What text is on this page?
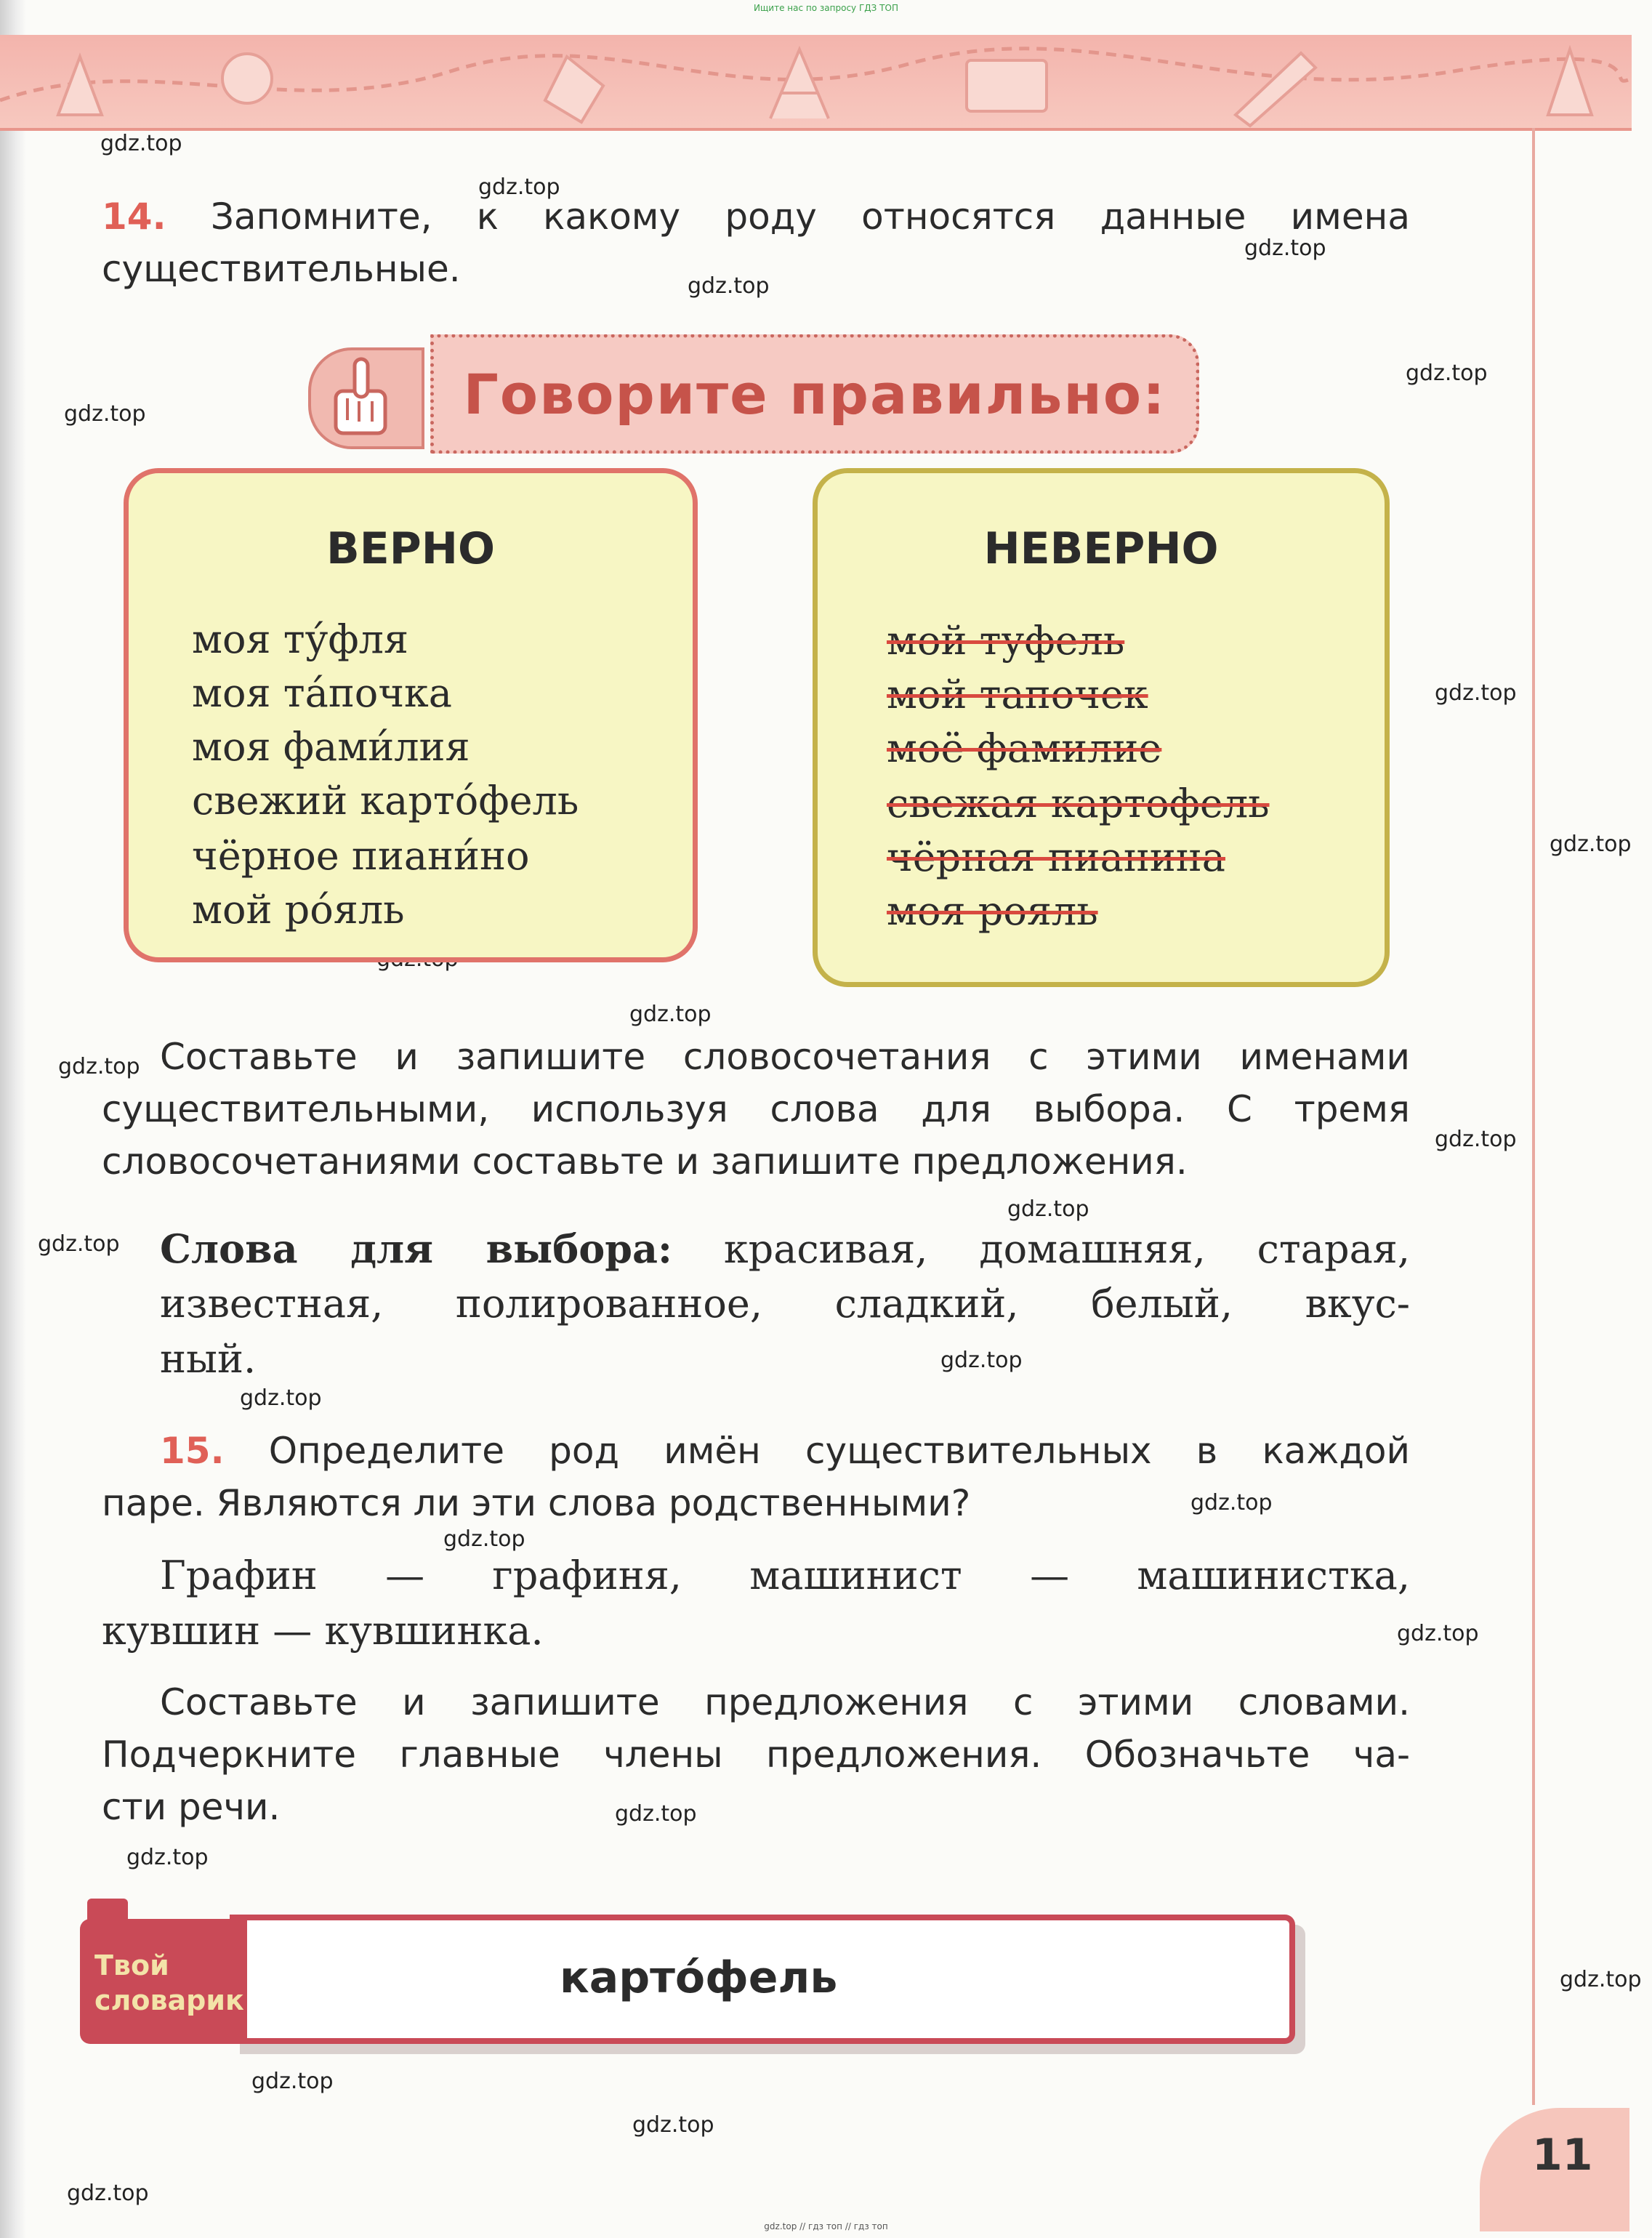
Ищите нас по запросу ГДЗ ТОП
gdz.top
gdz.top
gdz.top
gdz.top
gdz.top
gdz.top
gdz.top
gdz.top
gdz.top
gdz.top
gdz.top
gdz.top
gdz.top
gdz.top
gdz.top
gdz.top
gdz.top
gdz.top
gdz.top
gdz.top
gdz.top
gdz.top
gdz.top
gdz.top
14. Запомните, к какому роду относятся данные имена
существительные.
Говорите правильно:
ВЕРНО
моя ту́фля
моя та́почка
моя фами́лия
свежий карто́фель
чёрное пиани́но
мой ро́яль
НЕВЕРНО
мой туфель
мой тапочек
моё фамилие
свежая картофель
чёрная пианина
моя рояль
Составьте и запишите словосочетания с этими именами
существительными, используя слова для выбора. С тремя
словосочетаниями составьте и запишите предложения.
Слова для выбора: красивая, домашняя, старая,
известная, полированное, сладкий, белый, вкус-
ный.
15. Определите род имён существительных в каждой
паре. Являются ли эти слова родственными?
Графин — графиня, машинист — машинистка,
кувшин — кувшинка.
Составьте и запишите предложения с этими словами.
Подчеркните главные члены предложения. Обозначьте ча-
сти речи.
Твой
словарик	карто́фель
11
gdz.top // гдз топ // гдз топ
